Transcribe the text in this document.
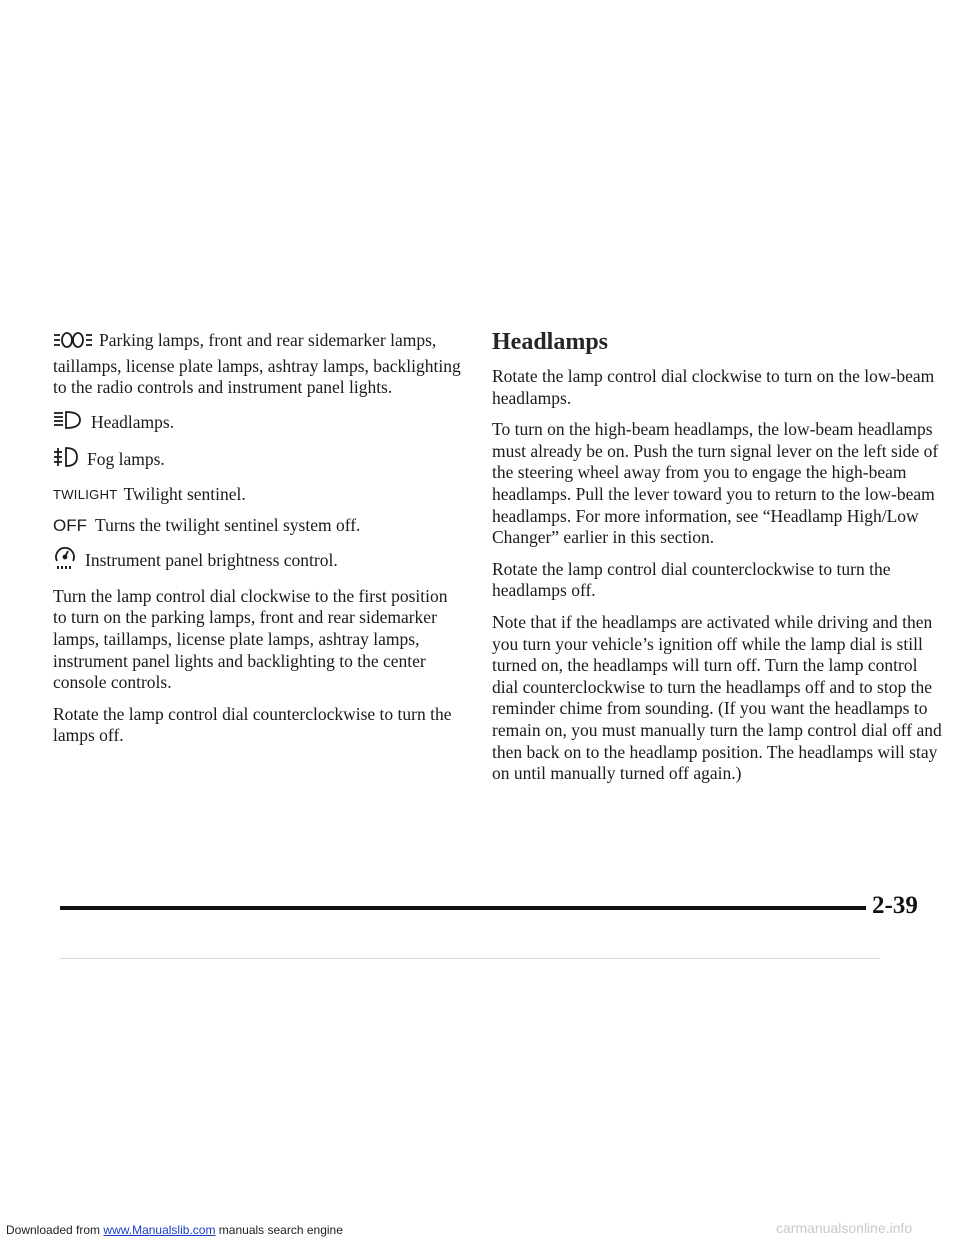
Parking lamps, front and rear sidemarker lamps, taillamps, license plate lamps, ashtray lamps, backlighting to the radio controls and instrument panel lights.

Headlamps.
Fog lamps.
TWILIGHT Twilight sentinel.
OFF Turns the twilight sentinel system off.
Instrument panel brightness control.

Turn the lamp control dial clockwise to the first position to turn on the parking lamps, front and rear sidemarker lamps, taillamps, license plate lamps, ashtray lamps, instrument panel lights and backlighting to the center console controls.

Rotate the lamp control dial counterclockwise to turn the lamps off.

Headlamps

Rotate the lamp control dial clockwise to turn on the low-beam headlamps.

To turn on the high-beam headlamps, the low-beam headlamps must already be on. Push the turn signal lever on the left side of the steering wheel away from you to engage the high-beam headlamps. Pull the lever toward you to return to the low-beam headlamps. For more information, see “Headlamp High/Low Changer” earlier in this section.

Rotate the lamp control dial counterclockwise to turn the headlamps off.

Note that if the headlamps are activated while driving and then you turn your vehicle’s ignition off while the lamp dial is still turned on, the headlamps will turn off. Turn the lamp control dial counterclockwise to turn the headlamps off and to stop the reminder chime from sounding. (If you want the headlamps to remain on, you must manually turn the lamp control dial off and then back on to the headlamp position. The headlamps will stay on until manually turned off again.)

2-39
Downloaded from www.Manualslib.com manuals search engine	carmanualsonline.info
